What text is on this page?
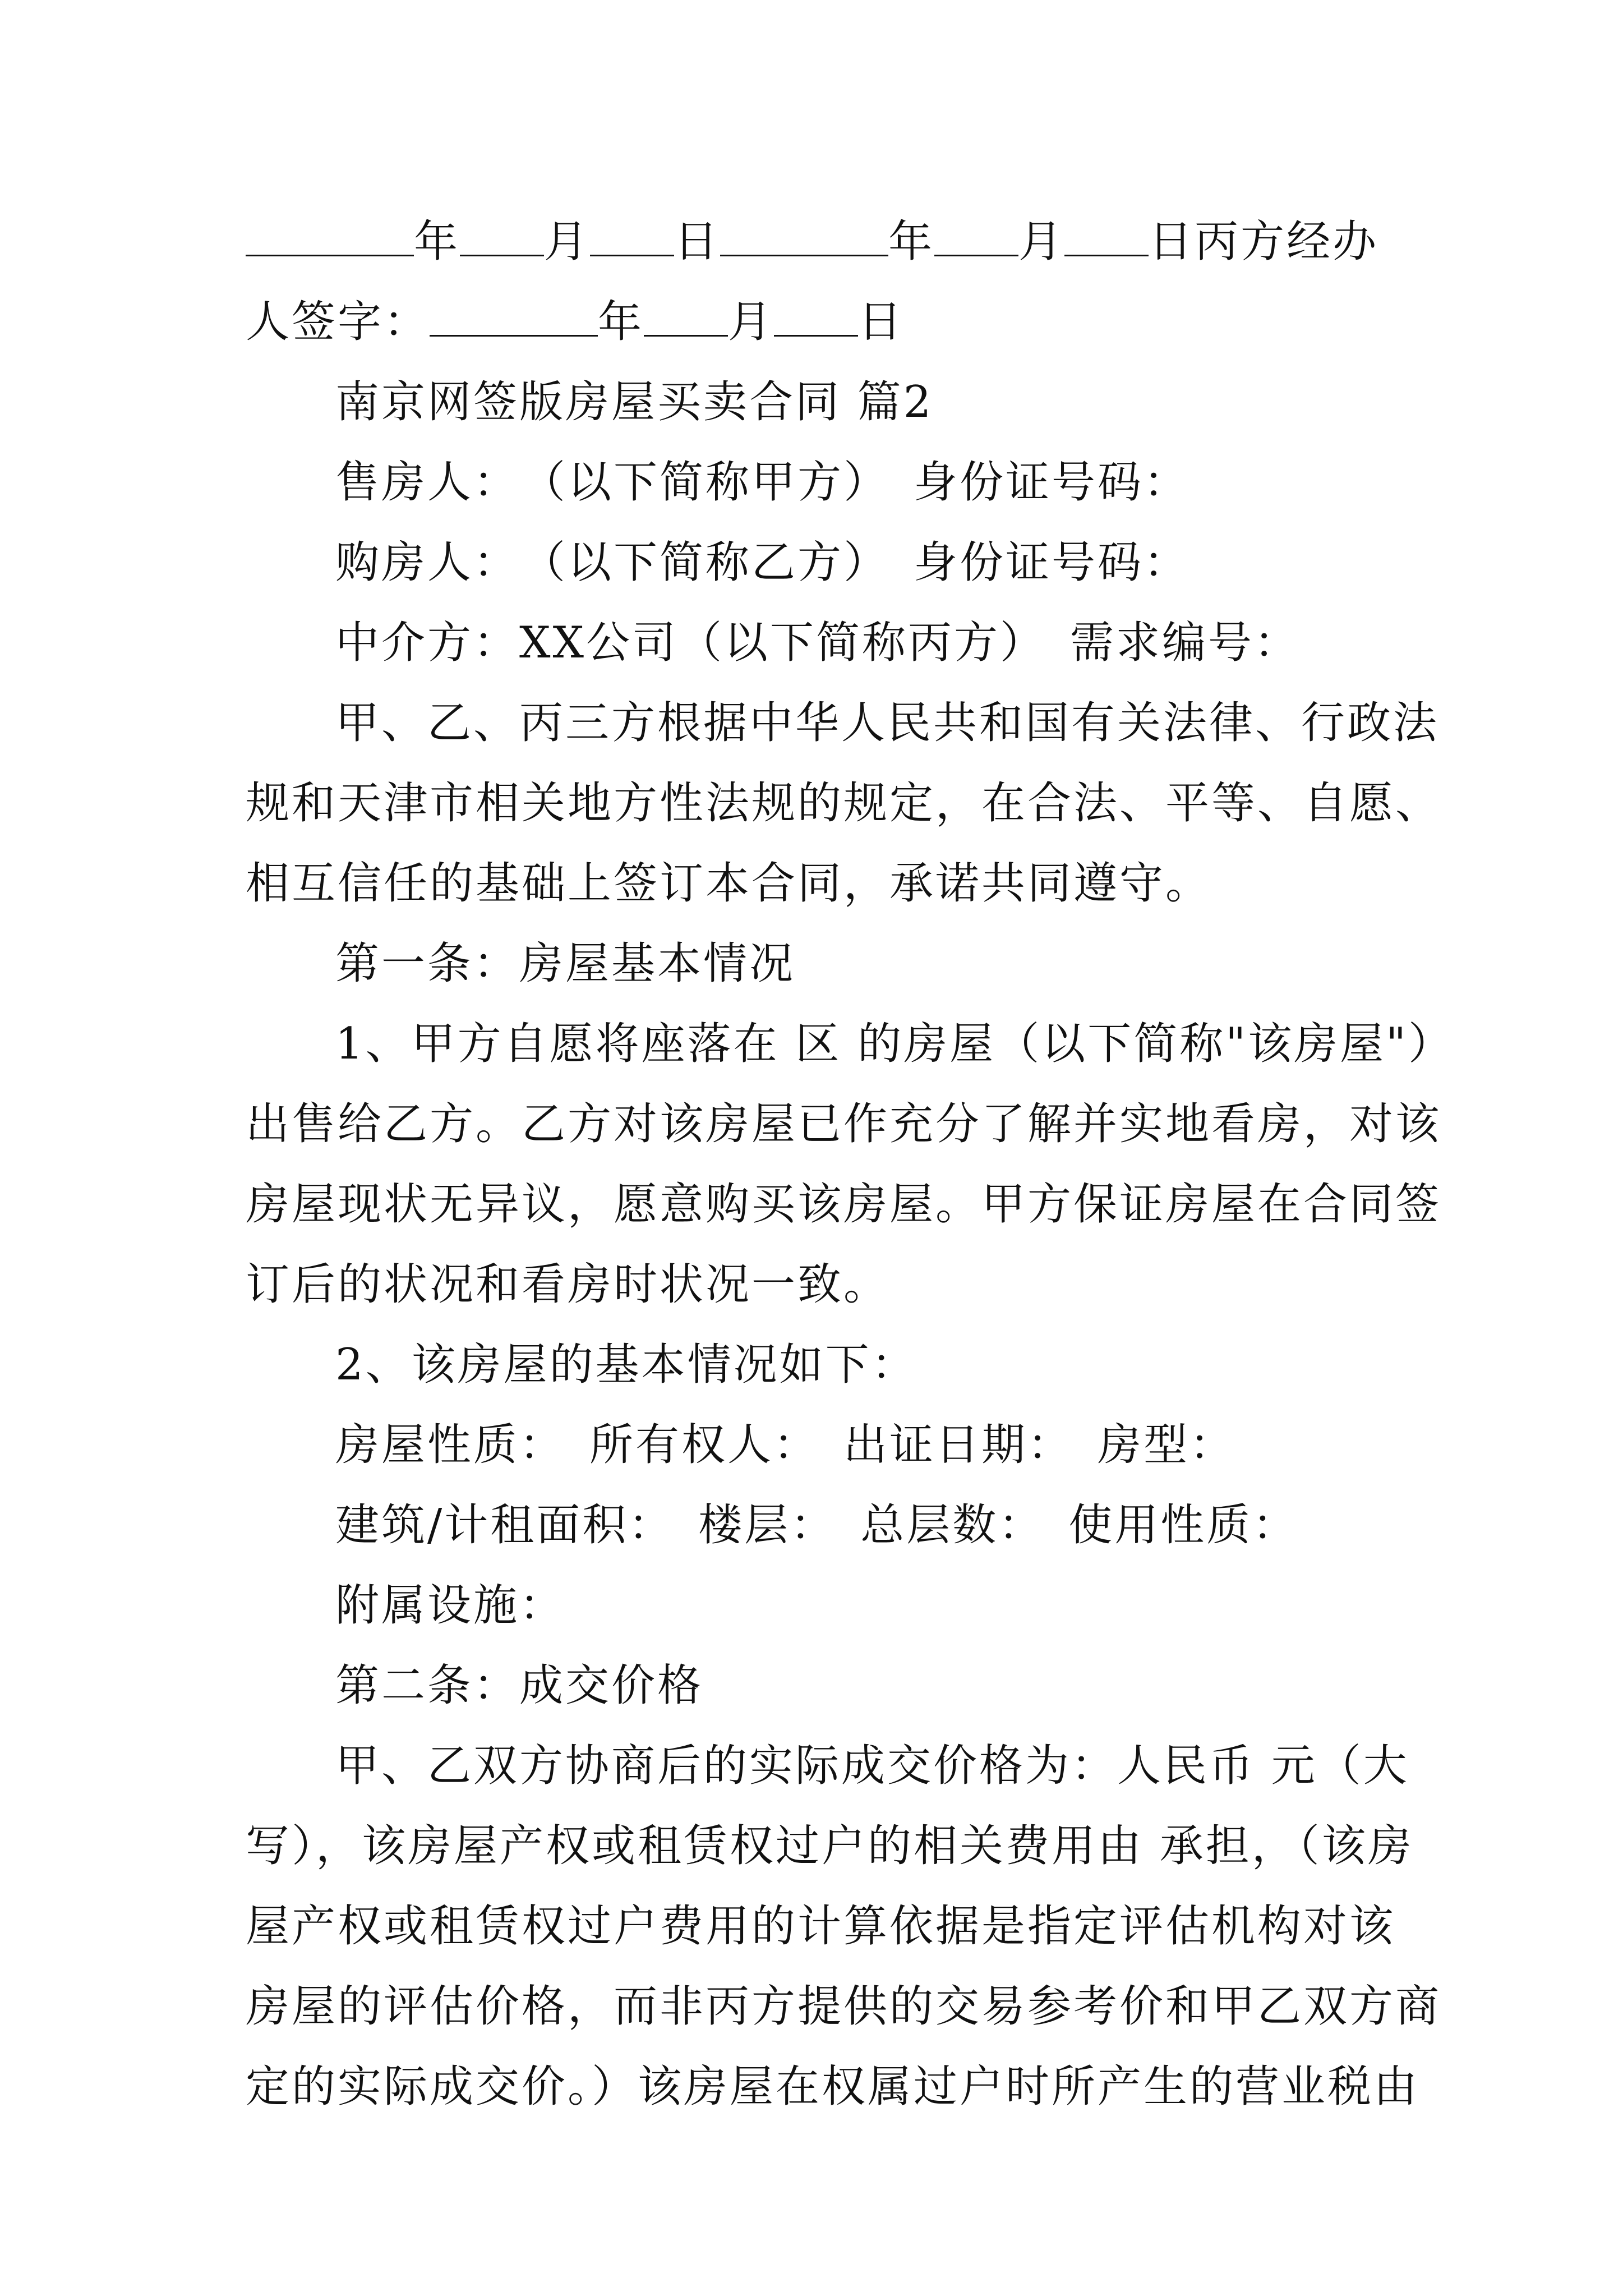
年 月 日	年 月 日丙方经办
人签字：	年 月 日
南京网签版房屋买卖合同 篇2
售房人：　（以下简称甲方）　身份证号码：
购房人：　（以下简称乙方）　身份证号码：
中介方：XX公司（以下简称丙方）　需求编号：
甲、乙、丙三方根据中华人民共和国有关法律、行政法
规和天津市相关地方性法规的规定，在合法、平等、自愿、
相互信任的基础上签订本合同，承诺共同遵守。
第一条：房屋基本情况
1、甲方自愿将座落在 区 的房屋（以下简称"该房屋"）
出售给乙方。乙方对该房屋已作充分了解并实地看房，对该
房屋现状无异议，愿意购买该房屋。甲方保证房屋在合同签
订后的状况和看房时状况一致。
2、该房屋的基本情况如下：
房屋性质：　所有权人：　出证日期：　房型：
建筑/计租面积：　楼层：　总层数：　使用性质：
附属设施：
第二条：成交价格
甲、乙双方协商后的实际成交价格为：人民币 元（大
写），该房屋产权或租赁权过户的相关费用由 承担，（该房
屋产权或租赁权过户费用的计算依据是指定评估机构对该
房屋的评估价格，而非丙方提供的交易参考价和甲乙双方商
定的实际成交价。）该房屋在权属过户时所产生的营业税由
